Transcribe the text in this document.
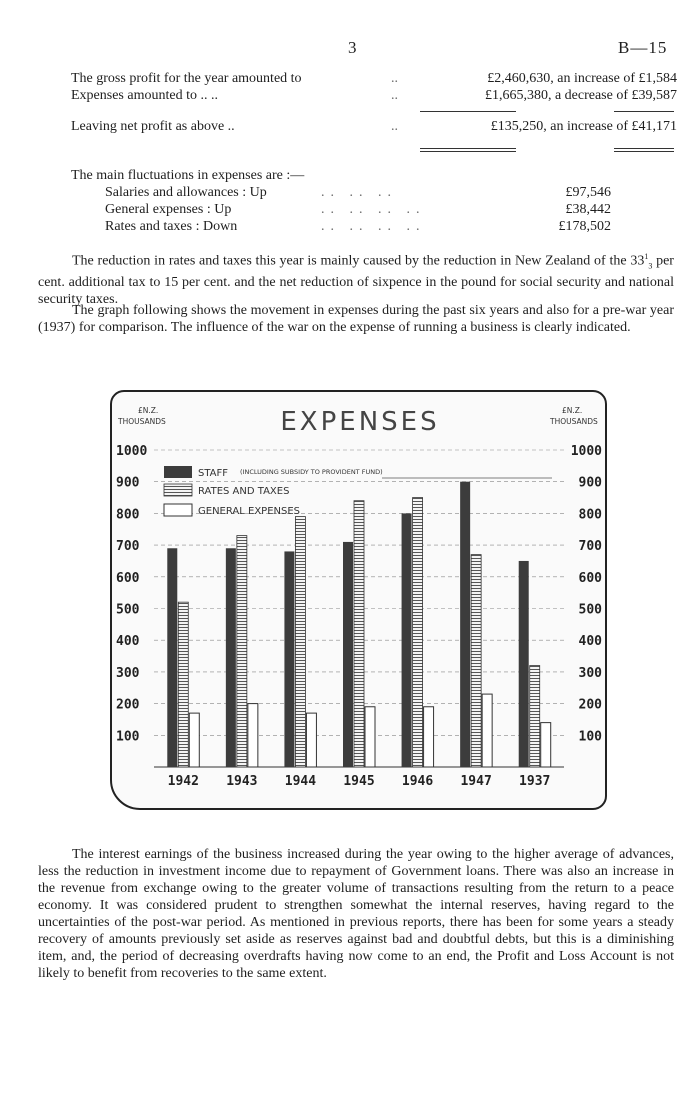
3	B—15
The gross profit for the year amounted to	..	£2,460,630, an increase of £1,584
Expenses amounted to .. ..	..	£1,665,380, a decrease of £39,587
Leaving net profit as above ..	..	£135,250, an increase of £41,171
The main fluctuations in expenses are :—
Salaries and allowances : Up	.. .. ..	£97,546
General expenses : Up	.. .. .. ..	£38,442
Rates and taxes : Down	.. .. .. ..	£178,502

The reduction in rates and taxes this year is mainly caused by the reduction in New Zealand of the $33^1_3$ per cent. additional tax to 15 per cent. and the net reduction of sixpence in the pound for social security and national security taxes.

The graph following shows the movement in expenses during the past six years and also for a pre-war year (1937) for comparison. The influence of the war on the expense of running a business is clearly indicated.

100	100
200	200
300	300
400	400
500	500
600	600
700	700
800	800
900	900
1000	1000
1942 1943 1944 1945 1946 1947 1937
£N.Z.
THOUSANDS
£N.Z.
THOUSANDS
EXPENSES
STAFF (INCLUDING SUBSIDY TO PROVIDENT FUND)
RATES AND TAXES
GENERAL EXPENSES

The interest earnings of the business increased during the year owing to the higher average of advances, less the reduction in investment income due to repayment of Government loans. There was also an increase in the revenue from exchange owing to the greater volume of transactions resulting from the return to a peace economy. It was considered prudent to strengthen somewhat the internal reserves, having regard to the uncertainties of the post-war period. As mentioned in previous reports, there has been for some years a steady recovery of amounts previously set aside as reserves against bad and doubtful debts, but this is a diminishing item, and, the period of decreasing overdrafts having now come to an end, the Profit and Loss Account is not likely to benefit from recoveries to the same extent.
